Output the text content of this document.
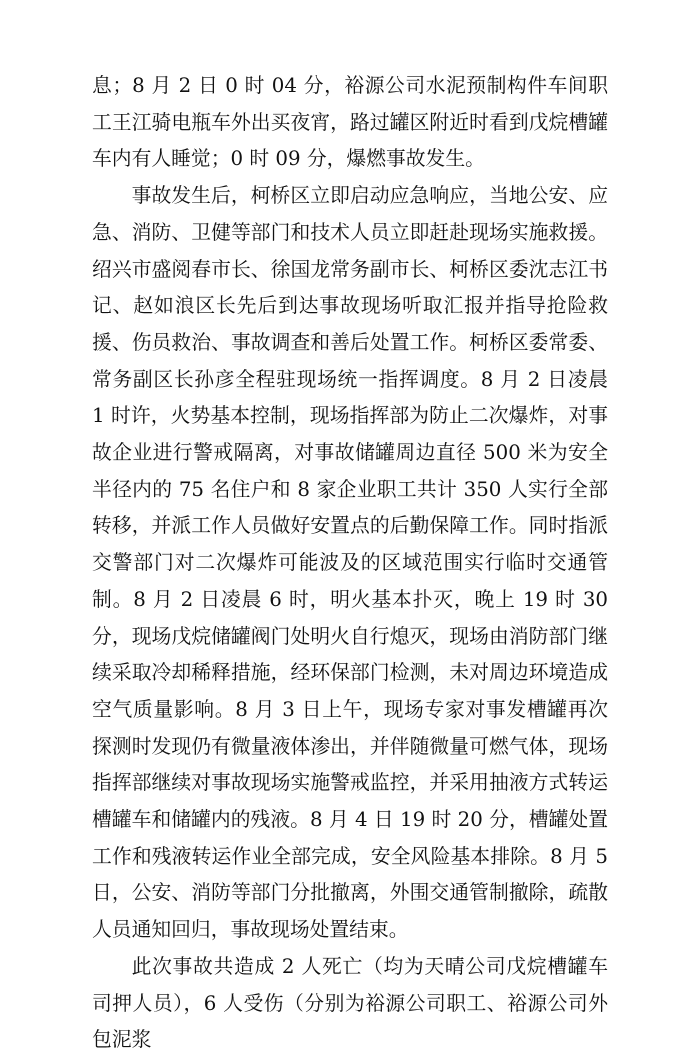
息；8 月 2 日 0 时 04 分，裕源公司水泥预制构件车间职工王江骑电瓶车外出买夜宵，路过罐区附近时看到戊烷槽罐车内有人睡觉；0 时 09 分，爆燃事故发生。

事故发生后，柯桥区立即启动应急响应，当地公安、应急、消防、卫健等部门和技术人员立即赶赴现场实施救援。绍兴市盛阅春市长、徐国龙常务副市长、柯桥区委沈志江书记、赵如浪区长先后到达事故现场听取汇报并指导抢险救援、伤员救治、事故调查和善后处置工作。柯桥区委常委、常务副区长孙彦全程驻现场统一指挥调度。8 月 2 日凌晨 1 时许，火势基本控制，现场指挥部为防止二次爆炸，对事故企业进行警戒隔离，对事故储罐周边直径 500 米为安全半径内的 75 名住户和 8 家企业职工共计 350 人实行全部转移，并派工作人员做好安置点的后勤保障工作。同时指派交警部门对二次爆炸可能波及的区域范围实行临时交通管制。8 月 2 日凌晨 6 时，明火基本扑灭，晚上 19 时 30 分，现场戊烷储罐阀门处明火自行熄灭，现场由消防部门继续采取冷却稀释措施，经环保部门检测，未对周边环境造成空气质量影响。8 月 3 日上午，现场专家对事发槽罐再次探测时发现仍有微量液体渗出，并伴随微量可燃气体，现场指挥部继续对事故现场实施警戒监控，并采用抽液方式转运槽罐车和储罐内的残液。8 月 4 日 19 时 20 分，槽罐处置工作和残液转运作业全部完成，安全风险基本排除。8 月 5 日，公安、消防等部门分批撤离，外围交通管制撤除，疏散人员通知回归，事故现场处置结束。

此次事故共造成 2 人死亡（均为天晴公司戊烷槽罐车司押人员），6 人受伤（分别为裕源公司职工、裕源公司外包泥浆
